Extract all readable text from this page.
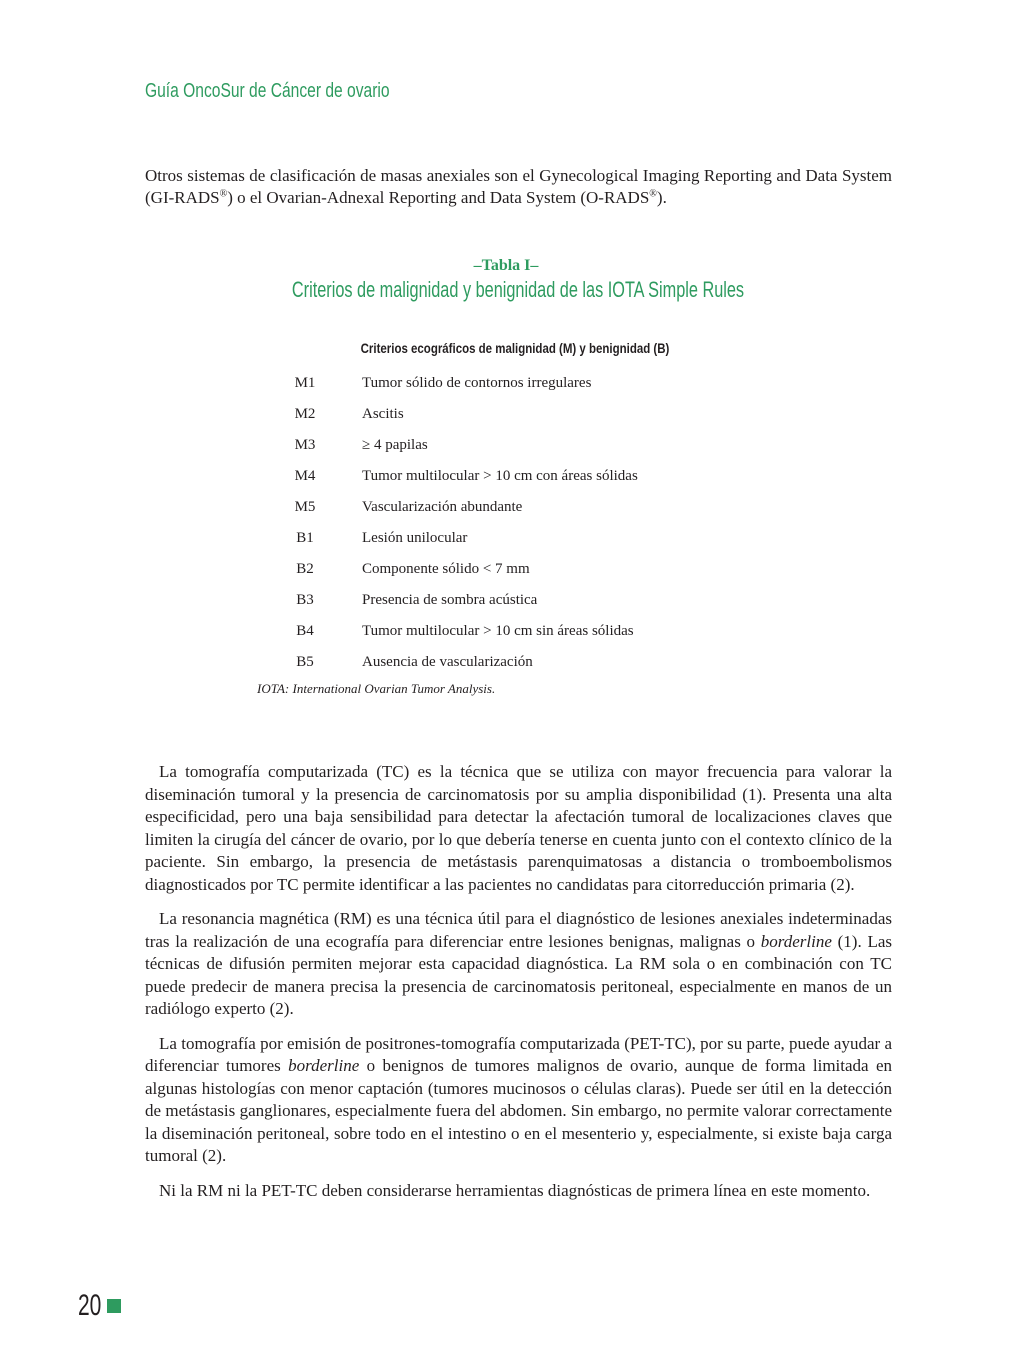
Guía OncoSur de Cáncer de ovario

Otros sistemas de clasificación de masas anexiales son el Gynecological Imaging Reporting and Data System (GI-RADS®) o el Ovarian-Adnexal Reporting and Data System (O-RADS®).

–Tabla I–
Criterios de malignidad y benignidad de las IOTA Simple Rules
Criterios ecográficos de malignidad (M) y benignidad (B)
M1	Tumor sólido de contornos irregulares
M2	Ascitis
M3	≥ 4 papilas
M4	Tumor multilocular > 10 cm con áreas sólidas
M5	Vascularización abundante
B1	Lesión unilocular
B2	Componente sólido < 7 mm
B3	Presencia de sombra acústica
B4	Tumor multilocular > 10 cm sin áreas sólidas
B5	Ausencia de vascularización
IOTA: International Ovarian Tumor Analysis.

La tomografía computarizada (TC) es la técnica que se utiliza con mayor frecuencia para valorar la diseminación tumoral y la presencia de carcinomatosis por su amplia disponibilidad (1). Presenta una alta especificidad, pero una baja sensibilidad para detectar la afectación tumoral de localizaciones claves que limiten la cirugía del cáncer de ovario, por lo que debería tenerse en cuenta junto con el contexto clínico de la paciente. Sin embargo, la presencia de metástasis parenquimatosas a distancia o tromboembolismos diagnosticados por TC permite identificar a las pacientes no candidatas para citorreducción primaria (2).

La resonancia magnética (RM) es una técnica útil para el diagnóstico de lesiones anexiales indeterminadas tras la realización de una ecografía para diferenciar entre lesiones benignas, malignas o borderline (1). Las técnicas de difusión permiten mejorar esta capacidad diagnóstica. La RM sola o en combinación con TC puede predecir de manera precisa la presencia de carcinomatosis peritoneal, especialmente en manos de un radiólogo experto (2).

La tomografía por emisión de positrones-tomografía computarizada (PET-TC), por su parte, puede ayudar a diferenciar tumores borderline o benignos de tumores malignos de ovario, aunque de forma limitada en algunas histologías con menor captación (tumores mucinosos o células claras). Puede ser útil en la detección de metástasis ganglionares, especialmente fuera del abdomen. Sin embargo, no permite valorar correctamente la diseminación peritoneal, sobre todo en el intestino o en el mesenterio y, especialmente, si existe baja carga tumoral (2).

Ni la RM ni la PET-TC deben considerarse herramientas diagnósticas de primera línea en este momento.

20
